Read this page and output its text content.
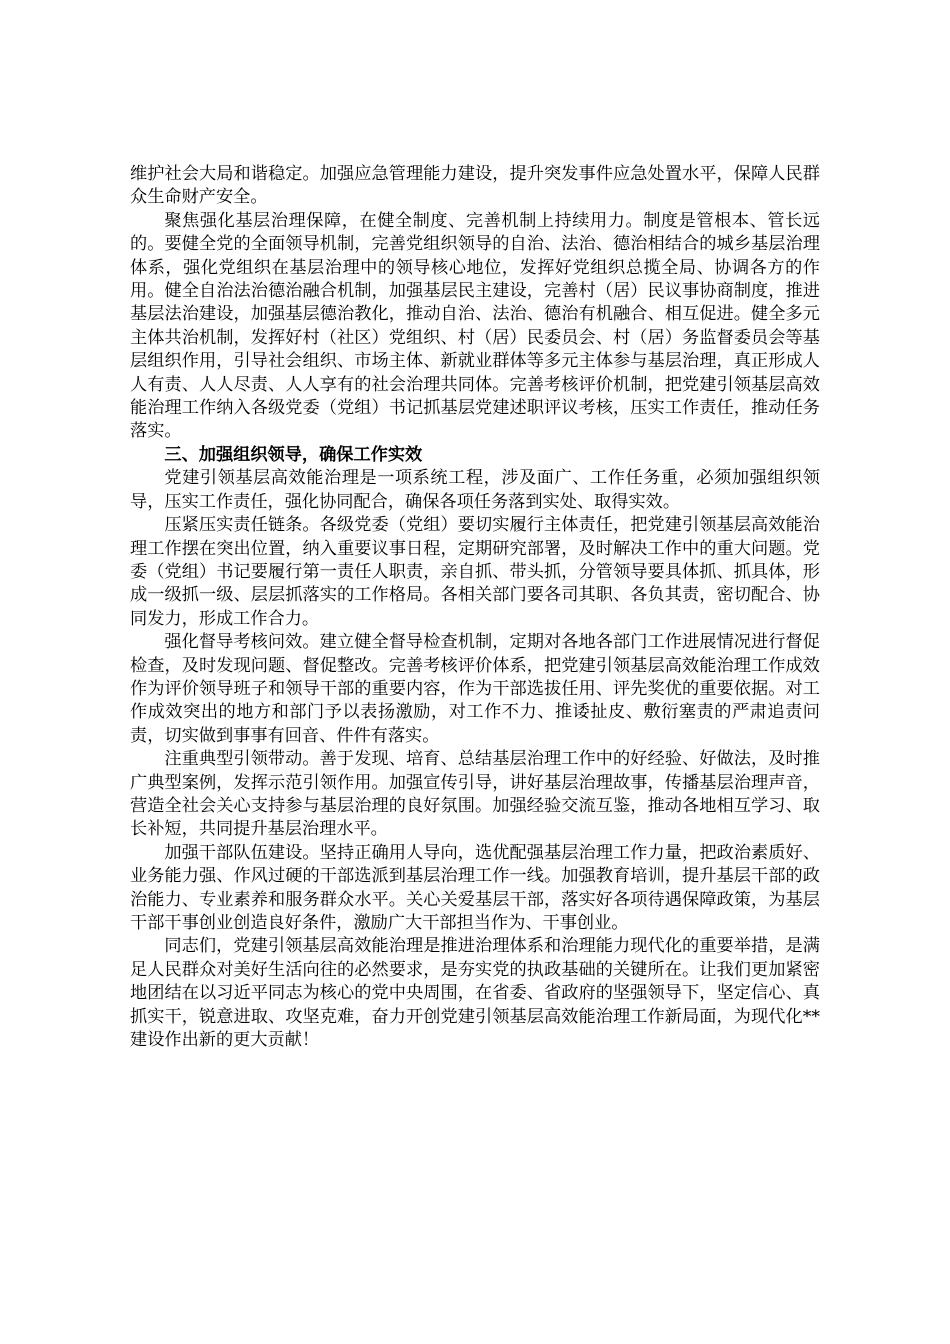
维护社会大局和谐稳定。加强应急管理能力建设，提升突发事件应急处置水平，保障人民群众生命财产安全。

聚焦强化基层治理保障，在健全制度、完善机制上持续用力。制度是管根本、管长远的。要健全党的全面领导机制，完善党组织领导的自治、法治、德治相结合的城乡基层治理体系，强化党组织在基层治理中的领导核心地位，发挥好党组织总揽全局、协调各方的作用。健全自治法治德治融合机制，加强基层民主建设，完善村（居）民议事协商制度，推进基层法治建设，加强基层德治教化，推动自治、法治、德治有机融合、相互促进。健全多元主体共治机制，发挥好村（社区）党组织、村（居）民委员会、村（居）务监督委员会等基层组织作用，引导社会组织、市场主体、新就业群体等多元主体参与基层治理，真正形成人人有责、人人尽责、人人享有的社会治理共同体。完善考核评价机制，把党建引领基层高效能治理工作纳入各级党委（党组）书记抓基层党建述职评议考核，压实工作责任，推动任务落实。

三、加强组织领导，确保工作实效

党建引领基层高效能治理是一项系统工程，涉及面广、工作任务重，必须加强组织领导，压实工作责任，强化协同配合，确保各项任务落到实处、取得实效。

压紧压实责任链条。各级党委（党组）要切实履行主体责任，把党建引领基层高效能治理工作摆在突出位置，纳入重要议事日程，定期研究部署，及时解决工作中的重大问题。党委（党组）书记要履行第一责任人职责，亲自抓、带头抓，分管领导要具体抓、抓具体，形成一级抓一级、层层抓落实的工作格局。各相关部门要各司其职、各负其责，密切配合、协同发力，形成工作合力。

强化督导考核问效。建立健全督导检查机制，定期对各地各部门工作进展情况进行督促检查，及时发现问题、督促整改。完善考核评价体系，把党建引领基层高效能治理工作成效作为评价领导班子和领导干部的重要内容，作为干部选拔任用、评先奖优的重要依据。对工作成效突出的地方和部门予以表扬激励，对工作不力、推诿扯皮、敷衍塞责的严肃追责问责，切实做到事事有回音、件件有落实。

注重典型引领带动。善于发现、培育、总结基层治理工作中的好经验、好做法，及时推广典型案例，发挥示范引领作用。加强宣传引导，讲好基层治理故事，传播基层治理声音，营造全社会关心支持参与基层治理的良好氛围。加强经验交流互鉴，推动各地相互学习、取长补短，共同提升基层治理水平。

加强干部队伍建设。坚持正确用人导向，选优配强基层治理工作力量，把政治素质好、业务能力强、作风过硬的干部选派到基层治理工作一线。加强教育培训，提升基层干部的政治能力、专业素养和服务群众水平。关心关爱基层干部，落实好各项待遇保障政策，为基层干部干事创业创造良好条件，激励广大干部担当作为、干事创业。

同志们，党建引领基层高效能治理是推进治理体系和治理能力现代化的重要举措，是满足人民群众对美好生活向往的必然要求，是夯实党的执政基础的关键所在。让我们更加紧密地团结在以习近平同志为核心的党中央周围，在省委、省政府的坚强领导下，坚定信心、真抓实干，锐意进取、攻坚克难，奋力开创党建引领基层高效能治理工作新局面，为现代化**建设作出新的更大贡献！
